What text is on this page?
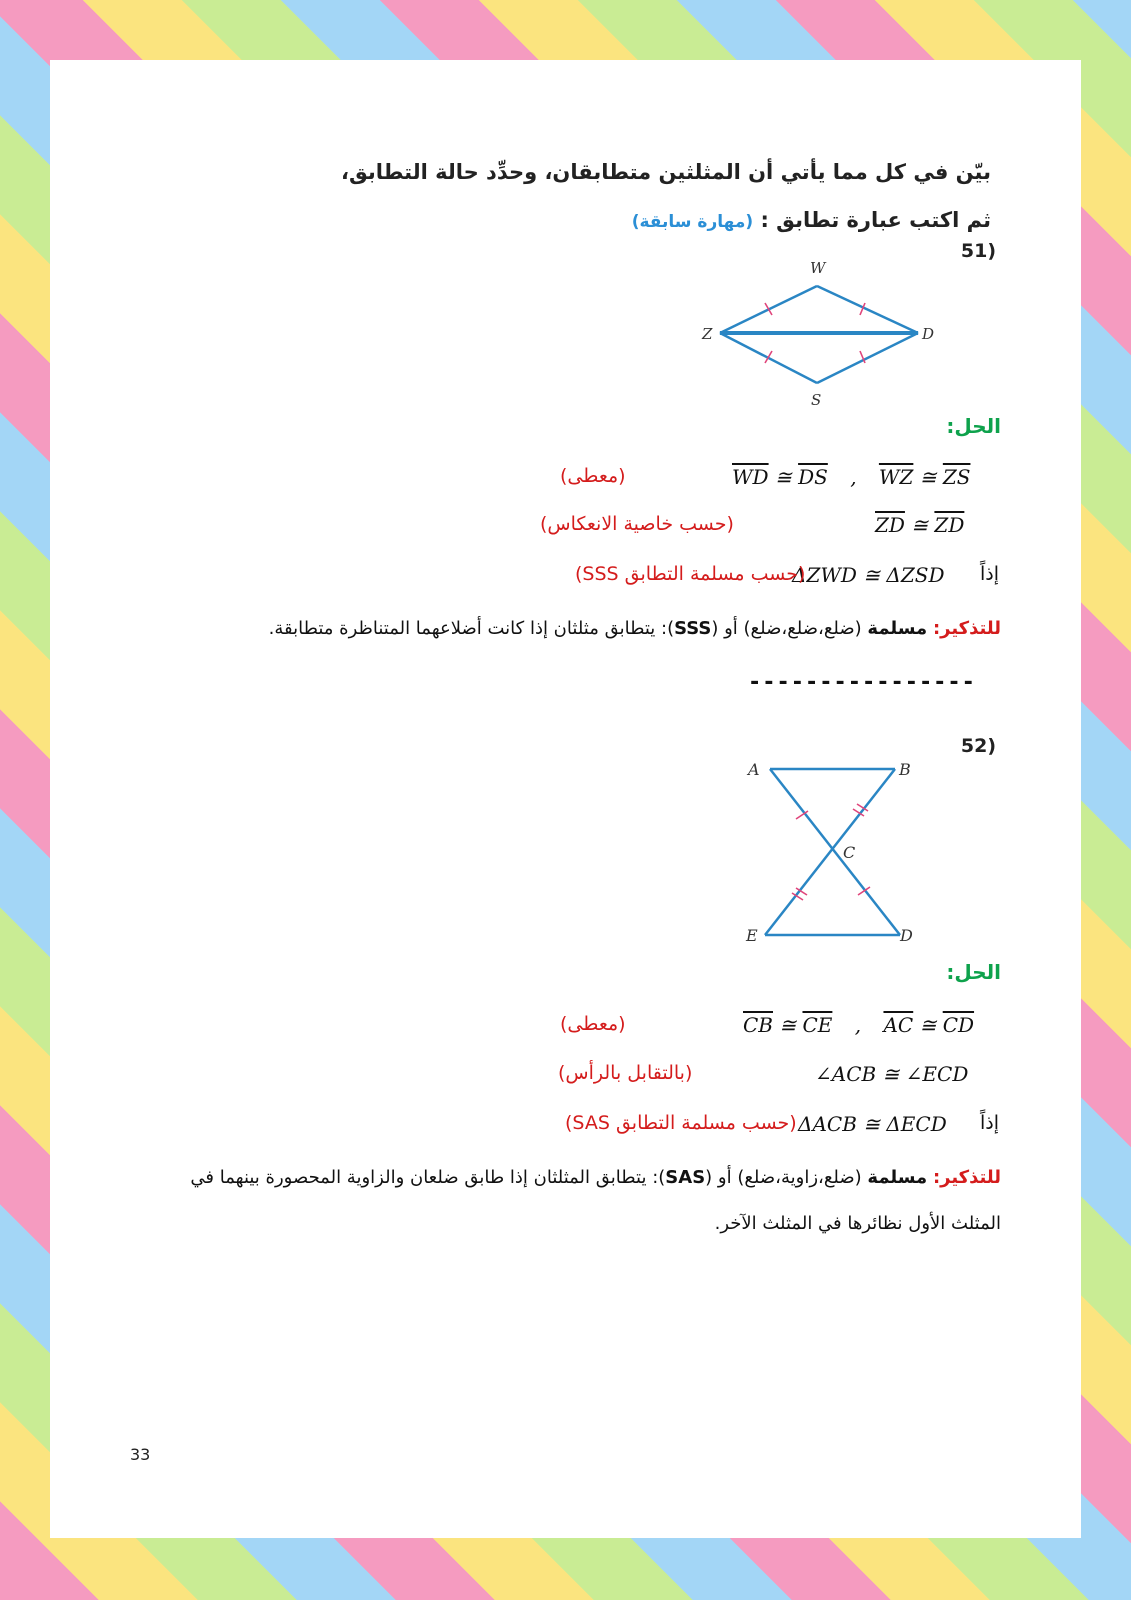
بيّن في كل مما يأتي أن المثلثين متطابقان، وحدِّد حالة التطابق،
ثم اكتب عبارة تطابق : (مهارة سابقة)
(51
W
Z	D
S
الحل:
$\overline{WD}$ ≅ $\overline{DS}$ , $\overline{WZ}$ ≅ $\overline{ZS}$
(معطى)
$\overline{ZD}$ ≅ $\overline{ZD}$
(حسب خاصية الانعكاس)
إذاً
ΔZWD ≅ ΔZSD
(حسب مسلمة التطابق SSS)
للتذكير: مسلمة (ضلع،ضلع،ضلع) أو (SSS): يتطابق مثلثان إذا كانت أضلاعهما المتناظرة متطابقة.
----------------
(52
A	B
C
E	D
الحل:
$\overline{CB}$ ≅ $\overline{CE}$ , $\overline{AC}$ ≅ $\overline{CD}$
(معطى)
∠ACB ≅ ∠ECD
(بالتقابل بالرأس)
إذاً
ΔACB ≅ ΔECD
(حسب مسلمة التطابق SAS)
للتذكير: مسلمة (ضلع،زاوية،ضلع) أو (SAS): يتطابق المثلثان إذا طابق ضلعان والزاوية المحصورة بينهما في
المثلث الأول نظائرها في المثلث الآخر.
33
